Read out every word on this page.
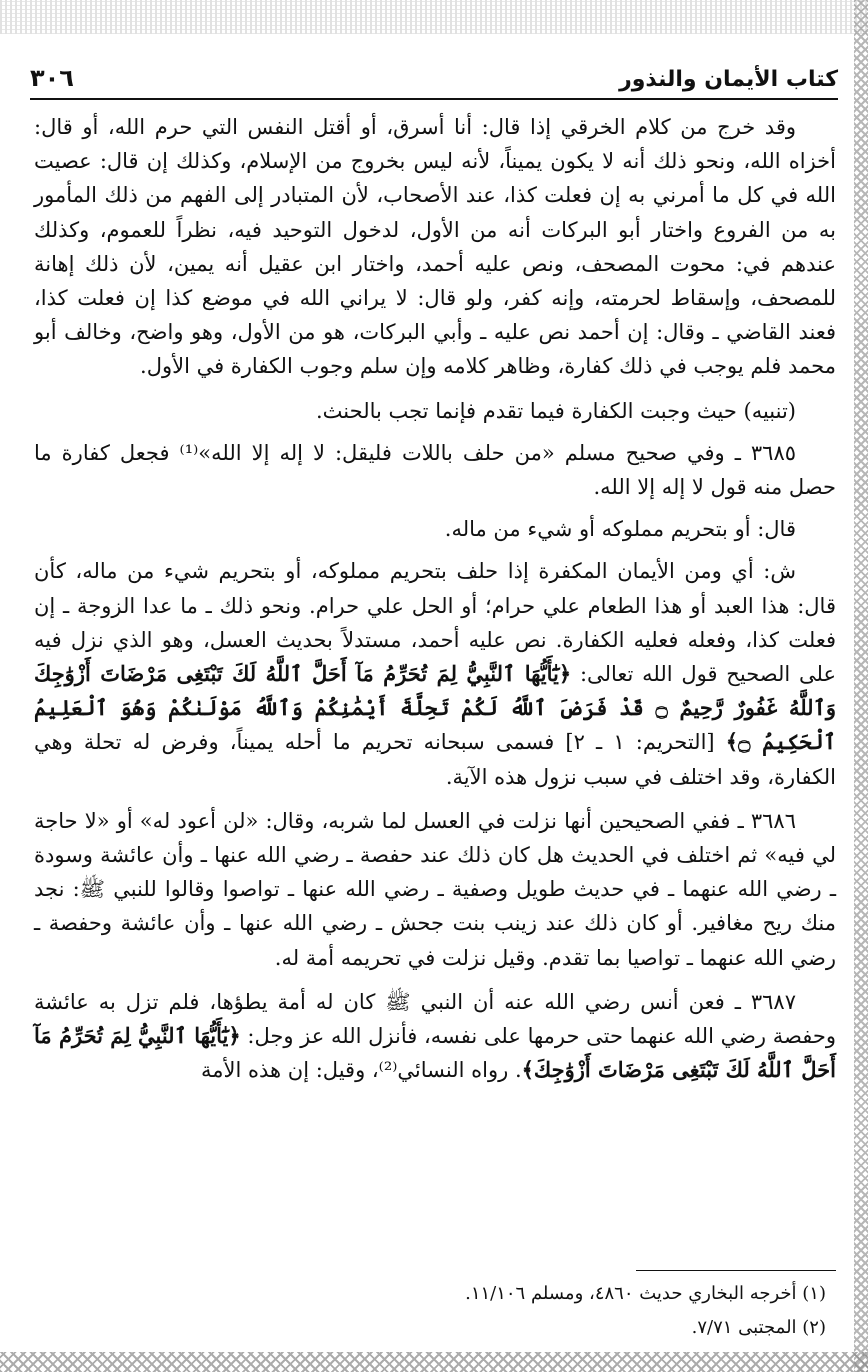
كتاب الأيمان والنذور
٣٠٦

وقد خرج من كلام الخرقي إذا قال: أنا أسرق، أو أقتل النفس التي حرم الله، أو قال: أخزاه الله، ونحو ذلك أنه لا يكون يميناً، لأنه ليس بخروج من الإسلام، وكذلك إن قال: عصيت الله في كل ما أمرني به إن فعلت كذا، عند الأصحاب، لأن المتبادر إلى الفهم من ذلك المأمور به من الفروع واختار أبو البركات أنه من الأول، لدخول التوحيد فيه، نظراً للعموم، وكذلك عندهم في: محوت المصحف، ونص عليه أحمد، واختار ابن عقيل أنه يمين، لأن ذلك إهانة للمصحف، وإسقاط لحرمته، وإنه كفر، ولو قال: لا يراني الله في موضع كذا إن فعلت كذا، فعند القاضي ـ وقال: إن أحمد نص عليه ـ وأبي البركات، هو من الأول، وهو واضح، وخالف أبو محمد فلم يوجب في ذلك كفارة، وظاهر كلامه وإن سلم وجوب الكفارة في الأول.

(تنبيه) حيث وجبت الكفارة فيما تقدم فإنما تجب بالحنث.

٣٦٨٥ ـ وفي صحيح مسلم «من حلف باللات فليقل: لا إله إلا الله»⁽¹⁾ فجعل كفارة ما حصل منه قول لا إله إلا الله.

قال: أو بتحريم مملوكه أو شيء من ماله.

ش: أي ومن الأيمان المكفرة إذا حلف بتحريم مملوكه، أو بتحريم شيء من ماله، كأن قال: هذا العبد أو هذا الطعام علي حرام؛ أو الحل علي حرام. ونحو ذلك ـ ما عدا الزوجة ـ إن فعلت كذا، وفعله فعليه الكفارة. نص عليه أحمد، مستدلاً بحديث العسل، وهو الذي نزل فيه على الصحيح قول الله تعالى: ﴿يَٰٓأَيُّهَا ٱلنَّبِيُّ لِمَ تُحَرِّمُ مَآ أَحَلَّ ٱللَّهُ لَكَ تَبْتَغِى مَرْضَاتَ أَزْوَٰجِكَ وَٱللَّهُ غَفُورٌ رَّحِيمٌ ۝ قَدْ فَرَضَ ٱللَّهُ لَكُمْ تَحِلَّةَ أَيْمَٰنِكُمْ وَٱللَّهُ مَوْلَىٰكُمْ وَهُوَ ٱلْعَلِيمُ ٱلْحَكِيمُ ۝﴾ [التحريم: ١ ـ ٢] فسمى سبحانه تحريم ما أحله يميناً، وفرض له تحلة وهي الكفارة، وقد اختلف في سبب نزول هذه الآية.

٣٦٨٦ ـ ففي الصحيحين أنها نزلت في العسل لما شربه، وقال: «لن أعود له» أو «لا حاجة لي فيه» ثم اختلف في الحديث هل كان ذلك عند حفصة ـ رضي الله عنها ـ وأن عائشة وسودة ـ رضي الله عنهما ـ في حديث طويل وصفية ـ رضي الله عنها ـ تواصوا وقالوا للنبي ﷺ: نجد منك ريح مغافير. أو كان ذلك عند زينب بنت جحش ـ رضي الله عنها ـ وأن عائشة وحفصة ـ رضي الله عنهما ـ تواصيا بما تقدم. وقيل نزلت في تحريمه أمة له.

٣٦٨٧ ـ فعن أنس رضي الله عنه أن النبي ﷺ كان له أمة يطؤها، فلم تزل به عائشة وحفصة رضي الله عنهما حتى حرمها على نفسه، فأنزل الله عز وجل: ﴿يَٰٓأَيُّهَا ٱلنَّبِيُّ لِمَ تُحَرِّمُ مَآ أَحَلَّ ٱللَّهُ لَكَ تَبْتَغِى مَرْضَاتَ أَزْوَٰجِكَ﴾. رواه النسائي⁽²⁾، وقيل: إن هذه الأمة

(١) أخرجه البخاري حديث ٤٨٦٠، ومسلم ١١/١٠٦.
(٢) المجتبى ٧/٧١.
